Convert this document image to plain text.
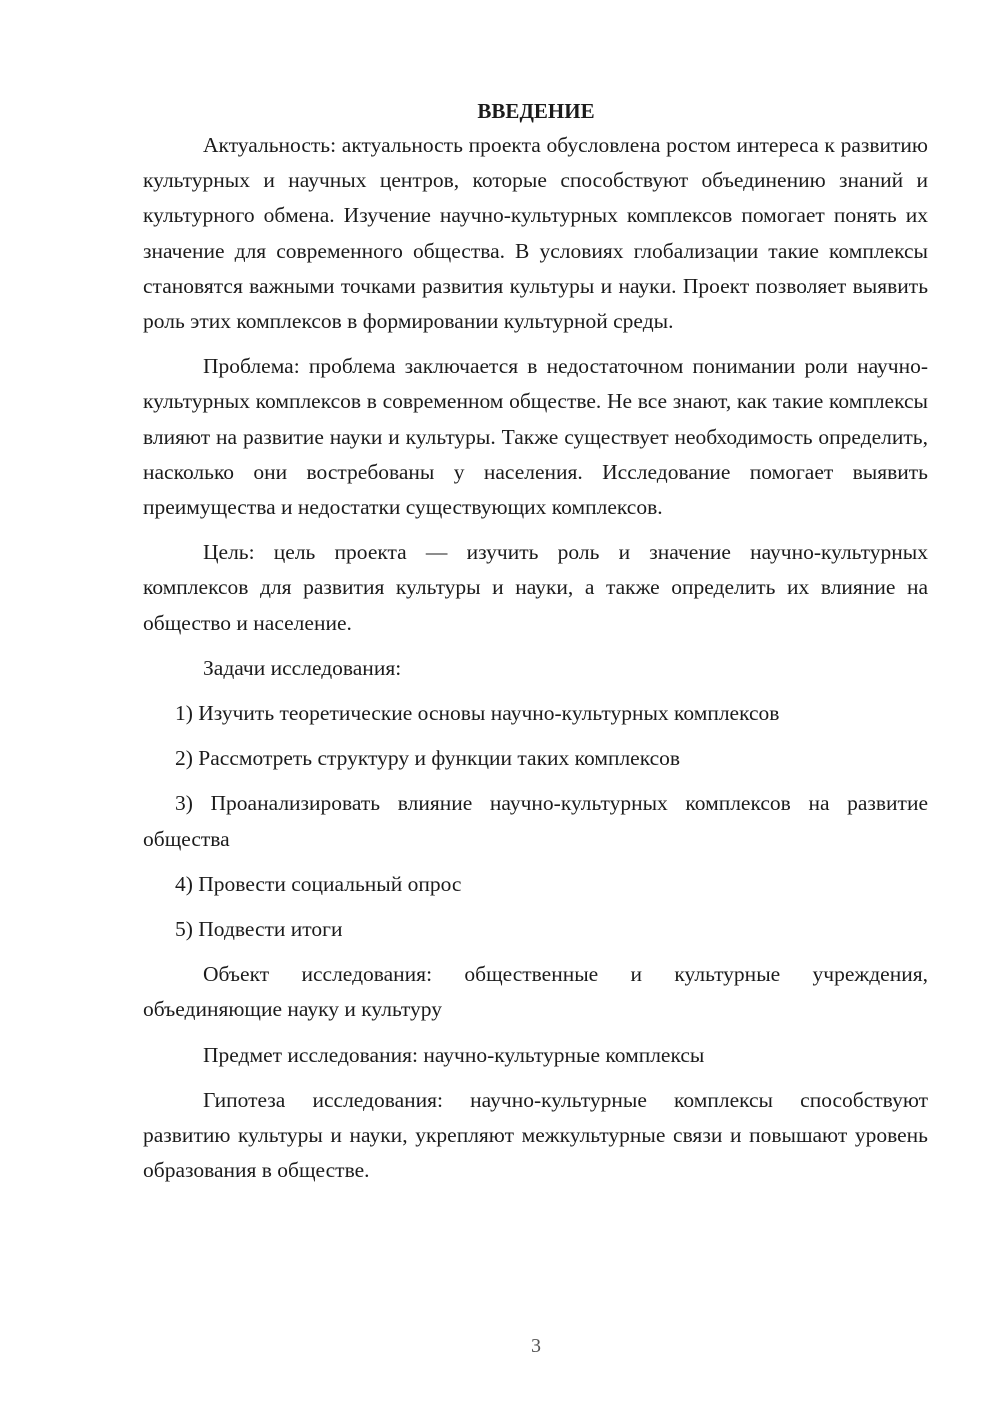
ВВЕДЕНИЕ

Актуальность: актуальность проекта обусловлена ростом интереса к развитию культурных и научных центров, которые способствуют объединению знаний и культурного обмена. Изучение научно-культурных комплексов помогает понять их значение для современного общества. В условиях глобализации такие комплексы становятся важными точками развития культуры и науки. Проект позволяет выявить роль этих комплексов в формировании культурной среды.

Проблема: проблема заключается в недостаточном понимании роли научно-культурных комплексов в современном обществе. Не все знают, как такие комплексы влияют на развитие науки и культуры. Также существует необходимость определить, насколько они востребованы у населения. Исследование помогает выявить преимущества и недостатки существующих комплексов.

Цель: цель проекта — изучить роль и значение научно-культурных комплексов для развития культуры и науки, а также определить их влияние на общество и население.

Задачи исследования:

1) Изучить теоретические основы научно-культурных комплексов

2) Рассмотреть структуру и функции таких комплексов

3) Проанализировать влияние научно-культурных комплексов на развитие общества

4) Провести социальный опрос

5) Подвести итоги

Объект исследования: общественные и культурные учреждения, объединяющие науку и культуру

Предмет исследования: научно-культурные комплексы

Гипотеза исследования: научно-культурные комплексы способствуют развитию культуры и науки, укрепляют межкультурные связи и повышают уровень образования в обществе.

3
